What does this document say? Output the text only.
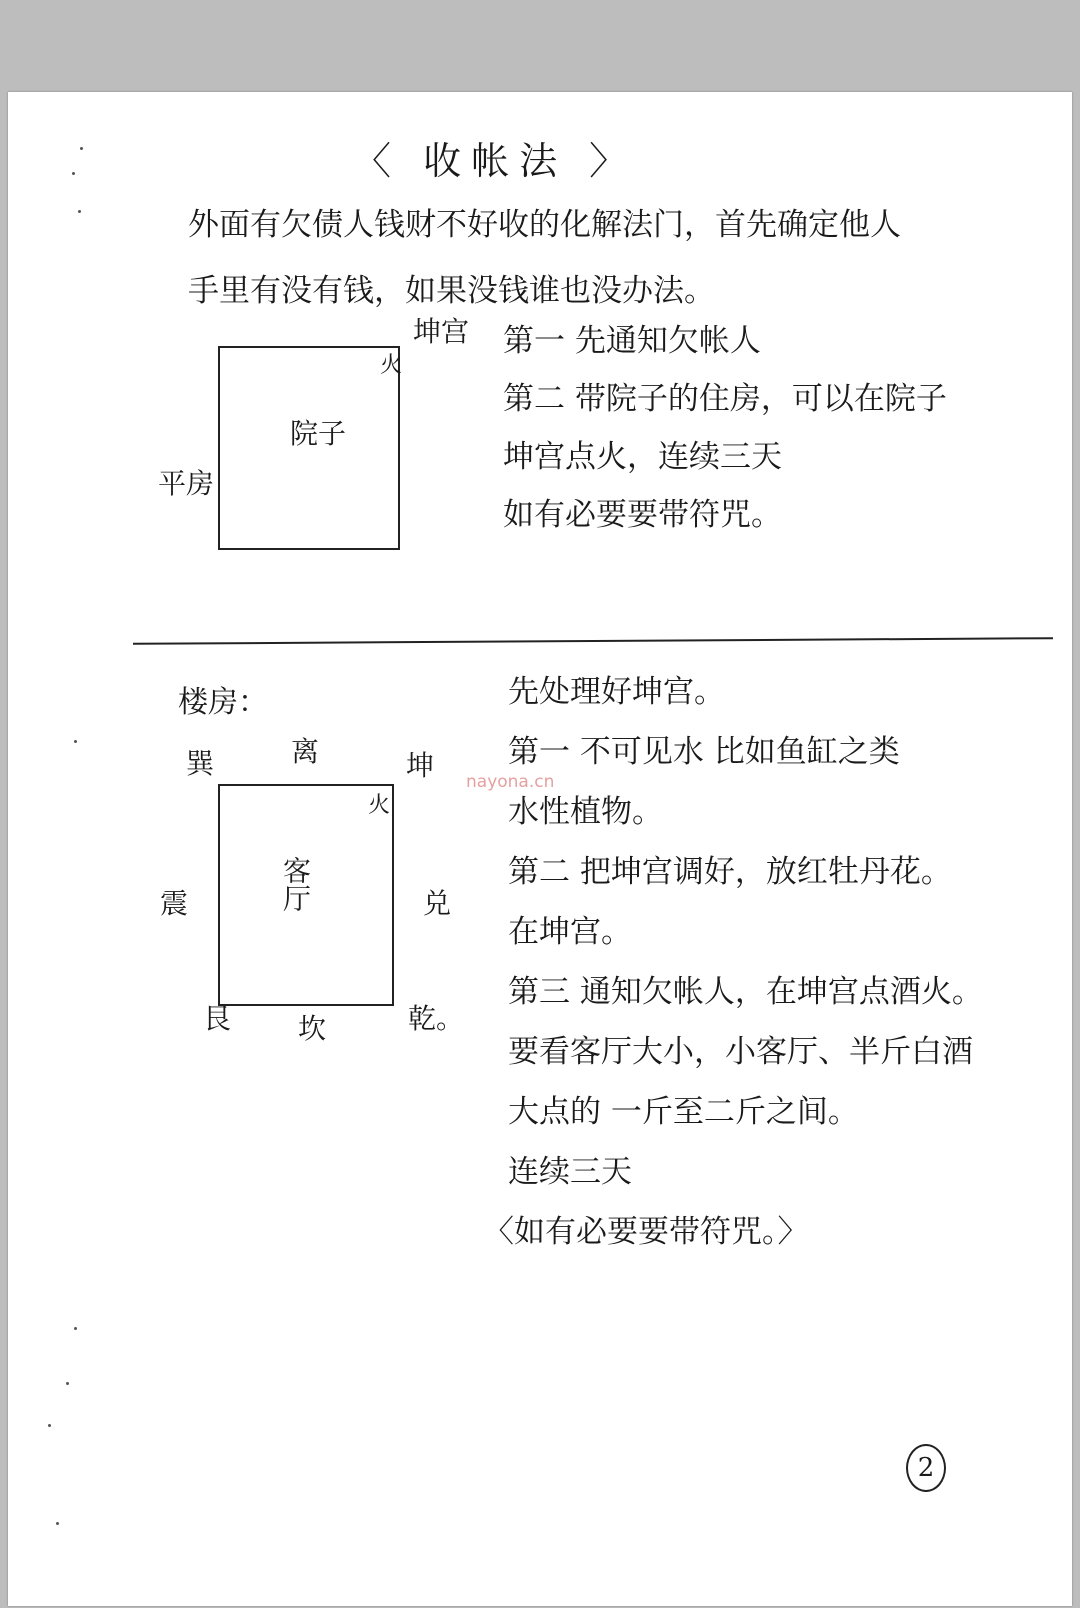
〈 收帐法 〉
外面有欠债人钱财不好收的化解法门，首先确定他人
手里有没有钱，如果没钱谁也没办法。
坤宫
火
院子
平房
第一 先通知欠帐人
第二 带院子的住房，可以在院子
坤宫点火，连续三天
如有必要要带符咒。
楼房：
巽	离	坤
火
客厅
震	兑
艮 坎	乾。
先处理好坤宫。
第一 不可见水 比如鱼缸之类
水性植物。
第二 把坤宫调好，放红牡丹花。
在坤宫。
第三 通知欠帐人，在坤宫点酒火。
要看客厅大小，小客厅、半斤白酒
大点的 一斤至二斤之间。
连续三天
〈如有必要要带符咒。〉
nayona.cn
2
